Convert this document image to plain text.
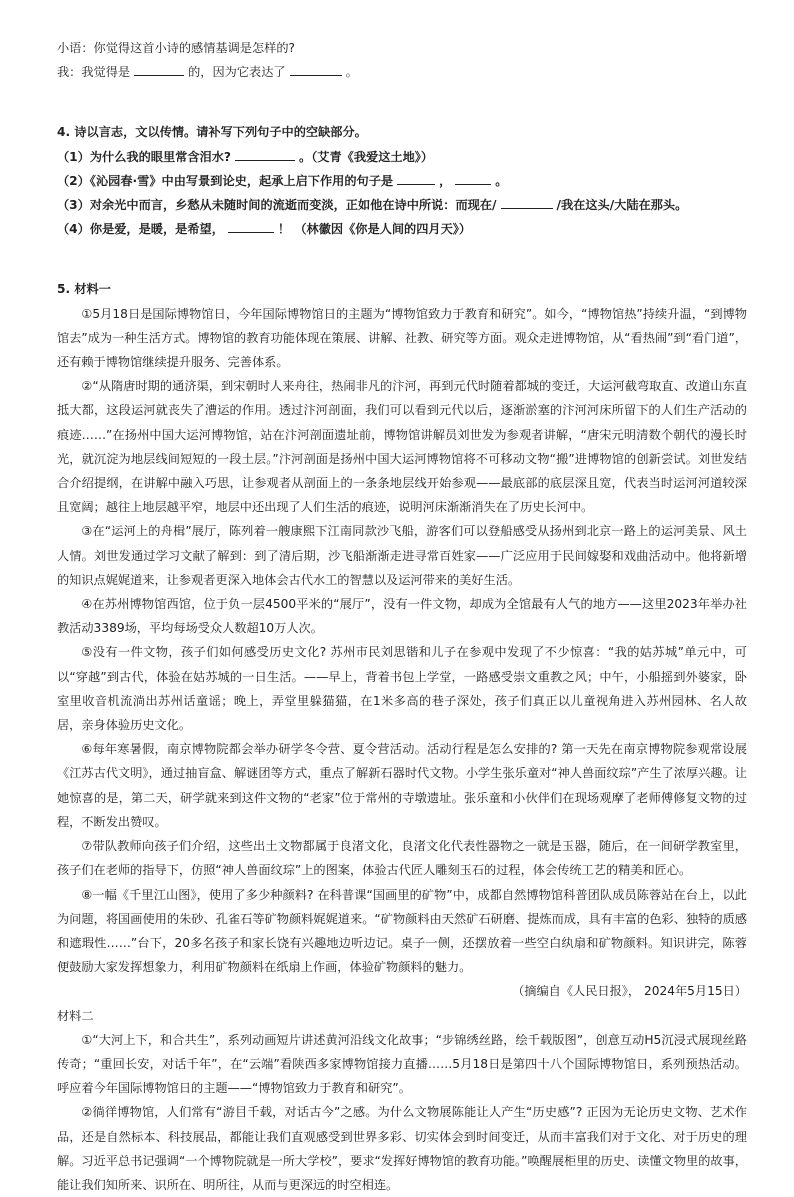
小语：你觉得这首小诗的感情基调是怎样的?
我：我觉得是	的，因为它表达了	。
4. 诗以言志，文以传情。请补写下列句子中的空缺部分。
（1）为什么我的眼里常含泪水?	。（艾青《我爱这土地》）
（2）《沁园春·雪》中由写景到论史，起承上启下作用的句子是	，	。
（3）对余光中而言，乡愁从未随时间的流逝而变淡，正如他在诗中所说：而现在/	/我在这头/大陆在那头。
（4）你是爱，是暖，是希望，	！ （林徽因《你是人间的四月天》）
5. 材料一
①5月18日是国际博物馆日，今年国际博物馆日的主题为“博物馆致力于教育和研究”。如今，“博物馆热”持续升温，“到博物馆去”成为一种生活方式。博物馆的教育功能体现在策展、讲解、社教、研究等方面。观众走进博物馆，从“看热闹”到“看门道”，还有赖于博物馆继续提升服务、完善体系。
②“从隋唐时期的通济渠，到宋朝时人来舟往，热闹非凡的汴河，再到元代时随着都城的变迁，大运河截弯取直、改道山东直抵大都，这段运河就丧失了漕运的作用。透过汴河剖面，我们可以看到元代以后，逐渐淤塞的汴河河床所留下的人们生产活动的痕迹……”在扬州中国大运河博物馆，站在汴河剖面遗址前，博物馆讲解员刘世发为参观者讲解，“唐宋元明清数个朝代的漫长时光，就沉淀为地层线间短短的一段土层。”汴河剖面是扬州中国大运河博物馆将不可移动文物“搬”进博物馆的创新尝试。刘世发结合介绍提纲，在讲解中融入巧思，让参观者从剖面上的一条条地层线开始参观——最底部的底层深且宽，代表当时运河河道较深且宽阔；越往上地层越平窄，地层中还出现了人们生活的痕迹，说明河床渐渐消失在了历史长河中。
③在“运河上的舟楫”展厅，陈列着一艘康熙下江南同款沙飞船，游客们可以登船感受从扬州到北京一路上的运河美景、风土人情。刘世发通过学习文献了解到：到了清后期，沙飞船渐渐走进寻常百姓家——广泛应用于民间嫁娶和戏曲活动中。他将新增的知识点娓娓道来，让参观者更深入地体会古代水工的智慧以及运河带来的美好生活。
④在苏州博物馆西馆，位于负一层4500平米的“展厅”，没有一件文物，却成为全馆最有人气的地方——这里2023年举办社教活动3389场，平均每场受众人数超10万人次。
⑤没有一件文物，孩子们如何感受历史文化? 苏州市民刘思锴和儿子在参观中发现了不少惊喜：“我的姑苏城”单元中，可以“穿越”到古代，体验在姑苏城的一日生活。——早上，背着书包上学堂，一路感受崇文重教之风；中午，小船摇到外婆家，卧室里收音机流淌出苏州话童谣；晚上，弄堂里躲猫猫，在1米多高的巷子深处，孩子们真正以儿童视角进入苏州园林、名人故居，亲身体验历史文化。
⑥每年寒暑假，南京博物院都会举办研学冬令营、夏令营活动。活动行程是怎么安排的? 第一天先在南京博物院参观常设展《江苏古代文明》，通过抽盲盒、解谜团等方式，重点了解新石器时代文物。小学生张乐童对“神人兽面纹琮”产生了浓厚兴趣。让她惊喜的是，第二天，研学就来到这件文物的“老家”位于常州的寺墩遗址。张乐童和小伙伴们在现场观摩了老师傅修复文物的过程，不断发出赞叹。
⑦带队教师向孩子们介绍，这些出土文物都属于良渚文化，良渚文化代表性器物之一就是玉器，随后，在一间研学教室里，孩子们在老师的指导下，仿照“神人兽面纹琮”上的图案，体验古代匠人雕刻玉石的过程，体会传统工艺的精美和匠心。
⑧一幅《千里江山图》，使用了多少种颜料? 在科普课“国画里的矿物”中，成都自然博物馆科普团队成员陈蓉站在台上，以此为问题，将国画使用的朱砂、孔雀石等矿物颜料娓娓道来。“矿物颜料由天然矿石研磨、提炼而成，具有丰富的色彩、独特的质感和遮瑕性……”台下，20多名孩子和家长饶有兴趣地边听边记。桌子一侧，还摆放着一些空白纨扇和矿物颜料。知识讲完，陈蓉便鼓励大家发挥想象力，利用矿物颜料在纸扇上作画，体验矿物颜料的魅力。
（摘编自《人民日报》， 2024年5月15日）
材料二
①“大河上下，和合共生”，系列动画短片讲述黄河沿线文化故事；“步锦绣丝路，绘千载版图”，创意互动H5沉浸式展现丝路传奇；“重回长安，对话千年”，在“云端”看陕西多家博物馆接力直播……5月18日是第四十八个国际博物馆日，系列预热活动。呼应着今年国际博物馆日的主题——“博物馆致力于教育和研究”。
②徜徉博物馆，人们常有“游目千载，对话古今”之感。为什么文物展陈能让人产生“历史感”? 正因为无论历史文物、艺术作品，还是自然标本、科技展品，都能让我们直观感受到世界多彩、切实体会到时间变迁，从而丰富我们对于文化、对于历史的理解。习近平总书记强调“一个博物院就是一所大学校”，要求“发挥好博物馆的教育功能。”唤醒展柜里的历史、读懂文物里的故事，能让我们知所来、识所在、明所往，从而与更深远的时空相连。
